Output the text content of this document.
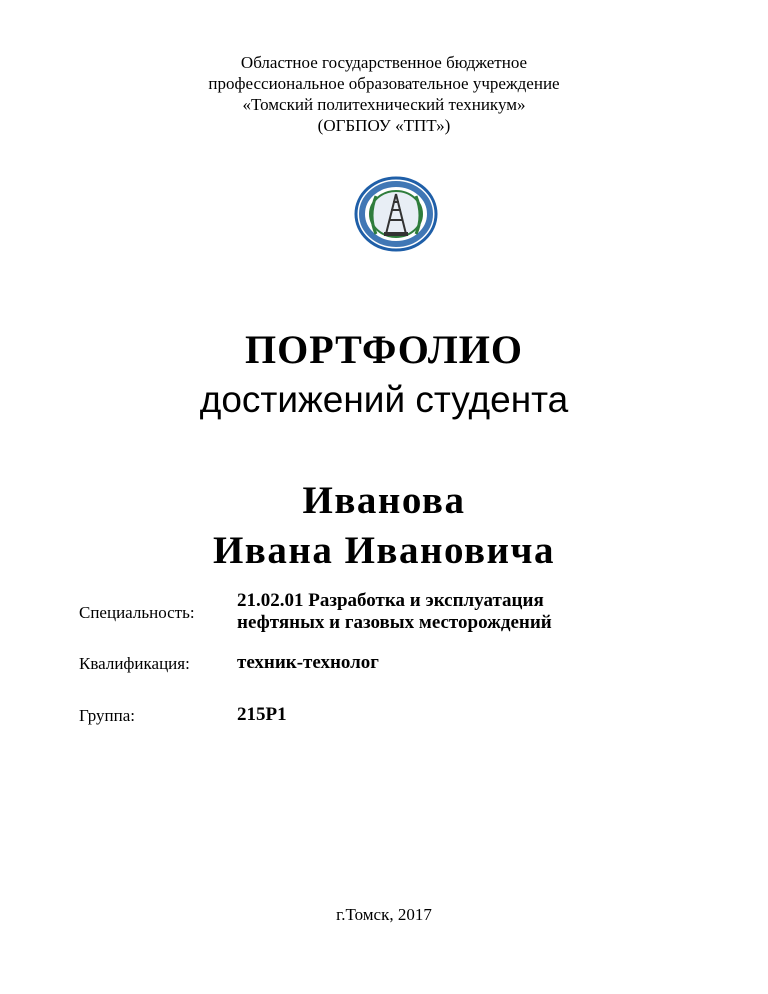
Областное государственное бюджетное
профессиональное образовательное учреждение
«Томский политехнический техникум»
(ОГБПОУ «ТПТ»)
ПОРТФОЛИО
достижений студента
Иванова
Ивана Ивановича
Специальность:
21.02.01 Разработка и эксплуатация
нефтяных и газовых месторождений
Квалификация: техник-технолог
Группа:	215Р1
г.Томск, 2017
